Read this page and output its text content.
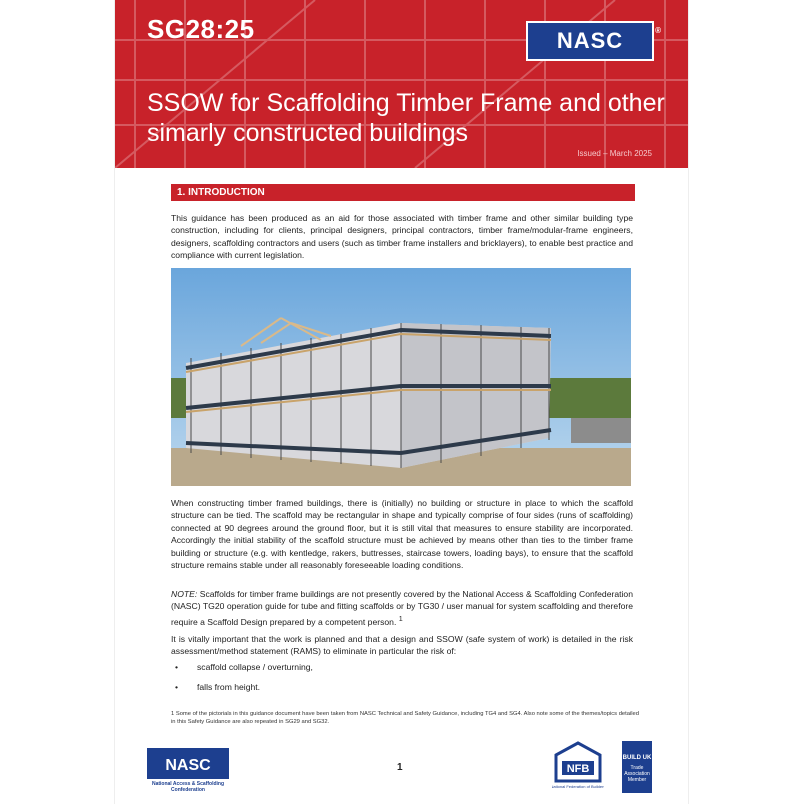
SG28:25	NASC	®
SSOW for Scaffolding Timber Frame and other simarly constructed buildings
Issued – March 2025
1. INTRODUCTION
This guidance has been produced as an aid for those associated with timber frame and other similar building type construction, including for clients, principal designers, principal contractors, timber frame/modular-frame engineers, designers, scaffolding contractors and users (such as timber frame installers and bricklayers), to enable best practice and compliance with current legislation.
When constructing timber framed buildings, there is (initially) no building or structure in place to which the scaffold structure can be tied. The scaffold may be rectangular in shape and typically comprise of four sides (runs of scaffolding) connected at 90 degrees around the ground floor, but it is still vital that measures to ensure stability are incorporated. Accordingly the initial stability of the scaffold structure must be achieved by means other than ties to the timber frame building or structure (e.g. with kentledge, rakers, buttresses, staircase towers, loading bays), to ensure that the scaffold structure remains stable under all reasonably foreseeable loading conditions.
NOTE: Scaffolds for timber frame buildings are not presently covered by the National Access & Scaffolding Confederation (NASC) TG20 operation guide for tube and fitting scaffolds or by TG30 / user manual for system scaffolding and therefore require a Scaffold Design prepared by a competent person. $^1$
It is vitally important that the work is planned and that a design and SSOW (safe system of work) is detailed in the risk assessment/method statement (RAMS) to eliminate in particular the risk of:
• scaffold collapse / overturning,
• falls from height.
1 Some of the pictorials in this guidance document have been taken from NASC Technical and Safety Guidance, including TG4 and SG4. Also note some of the themes/topics detailed in this Safety Guidance are also repeated in SG29 and SG32.
NASC
National Access & Scaffolding Confederation
1	NFB
National Federation of Builders
BUILD UK
Trade Association Member
